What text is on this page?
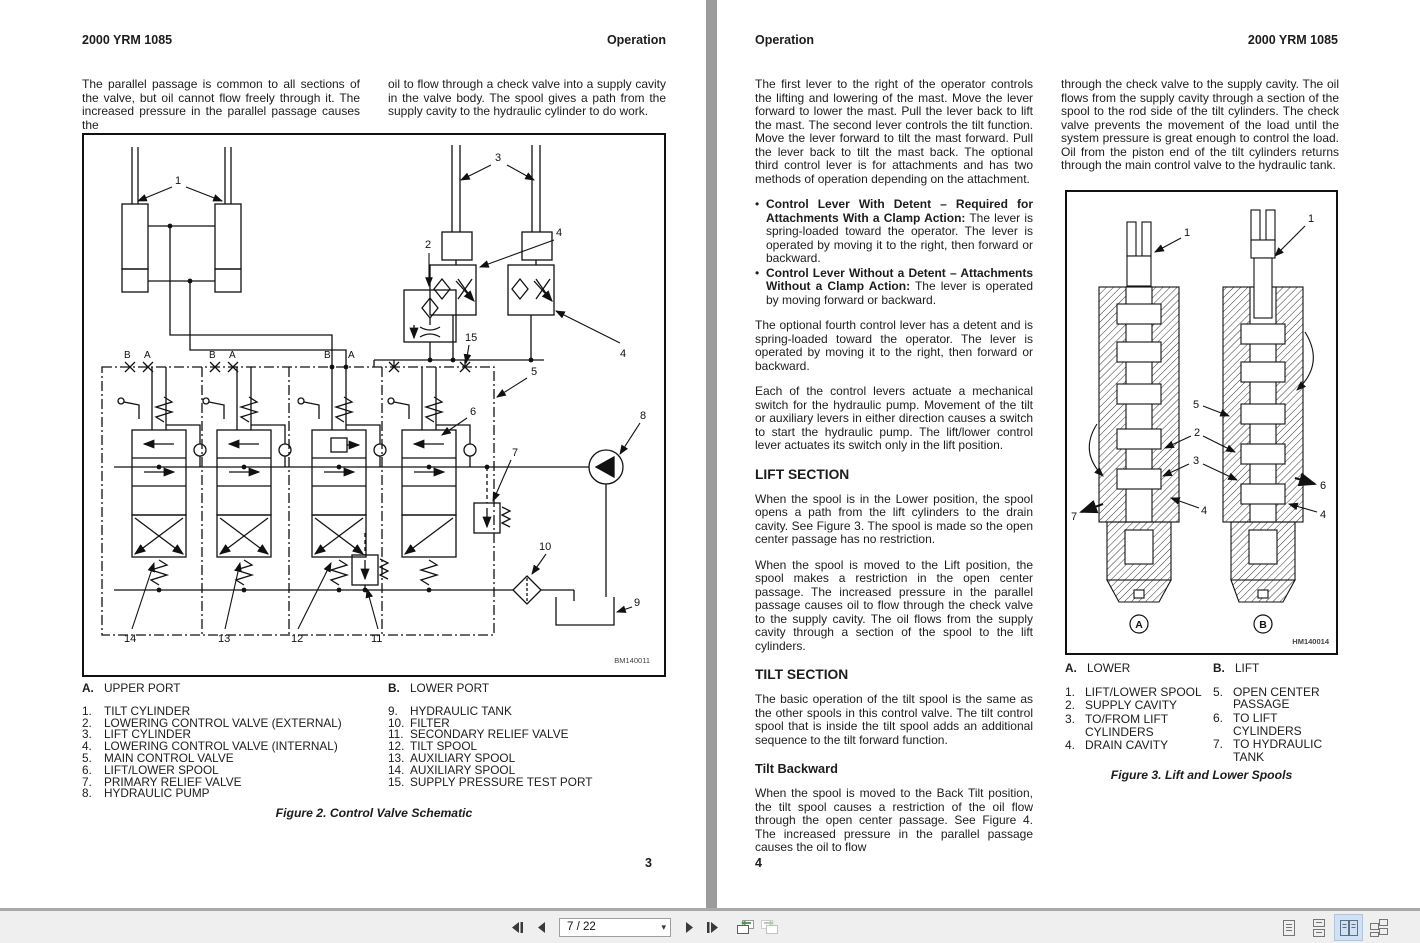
2000 YRM 1085	Operation

The parallel passage is common to all sections of the valve, but oil cannot flow freely through it. The increased pressure in the parallel passage causes the

oil to flow through a check valve into a supply cavity in the valve body. The spool gives a path from the supply cavity to the hydraulic cylinder to do work.

1
2
3
4
4
5
6
7
8
9
10
11
12
13
14
15
B A	B A	B A
BM140011
A. UPPER PORT
1. TILT CYLINDER
2. LOWERING CONTROL VALVE (EXTERNAL)
3. LIFT CYLINDER
4. LOWERING CONTROL VALVE (INTERNAL)
5. MAIN CONTROL VALVE
6. LIFT/LOWER SPOOL
7. PRIMARY RELIEF VALVE
8. HYDRAULIC PUMP
B. LOWER PORT
9. HYDRAULIC TANK
10. FILTER
11. SECONDARY RELIEF VALVE
12. TILT SPOOL
13. AUXILIARY SPOOL
14. AUXILIARY SPOOL
15. SUPPLY PRESSURE TEST PORT
Figure 2. Control Valve Schematic
3
Operation	2000 YRM 1085

The first lever to the right of the operator controls the lifting and lowering of the mast. Move the lever forward to lower the mast. Pull the lever back to lift the mast. The second lever controls the tilt function. Move the lever forward to tilt the mast forward. Pull the lever back to tilt the mast back. The optional third control lever is for attachments and has two methods of operation depending on the attachment.

• Control Lever With Detent – Required for Attachments With a Clamp Action: The lever is spring-loaded toward the operator. The lever is operated by moving it to the right, then forward or backward.
• Control Lever Without a Detent – Attachments Without a Clamp Action: The lever is operated by moving forward or backward.

The optional fourth control lever has a detent and is spring-loaded toward the operator. The lever is operated by moving it to the right, then forward or backward.

Each of the control levers actuate a mechanical switch for the hydraulic pump. Movement of the tilt or auxiliary levers in either direction causes a switch to start the hydraulic pump. The lift/lower control lever actuates its switch only in the lift position.

LIFT SECTION

When the spool is in the Lower position, the spool opens a path from the lift cylinders to the drain cavity. See Figure 3. The spool is made so the open center passage has no restriction.

When the spool is moved to the Lift position, the spool makes a restriction in the open center passage. The increased pressure in the parallel passage causes oil to flow through the check valve to the supply cavity. The oil flows from the supply cavity through a section of the spool to the lift cylinders.

TILT SECTION

The basic operation of the tilt spool is the same as the other spools in this control valve. The tilt control spool that is inside the tilt spool adds an additional sequence to the tilt forward function.

Tilt Backward

When the spool is moved to the Back Tilt position, the tilt spool causes a restriction of the oil flow through the open center passage. See Figure 4. The increased pressure in the parallel passage causes the oil to flow

through the check valve to the supply cavity. The oil flows from the supply cavity through a section of the spool to the rod side of the tilt cylinders. The check valve prevents the movement of the load until the system pressure is great enough to control the load. Oil from the piston end of the tilt cylinders returns through the main control valve to the hydraulic tank.

1
1
5
2
3
6
4	4
7
A	B
HM140014
A. LOWER
1. LIFT/LOWER SPOOL
2. SUPPLY CAVITY
3. TO/FROM LIFT CYLINDERS
4. DRAIN CAVITY
B. LIFT
5. OPEN CENTER PASSAGE
6. TO LIFT CYLINDERS
7. TO HYDRAULIC TANK
Figure 3. Lift and Lower Spools
4
7 / 22	▾
